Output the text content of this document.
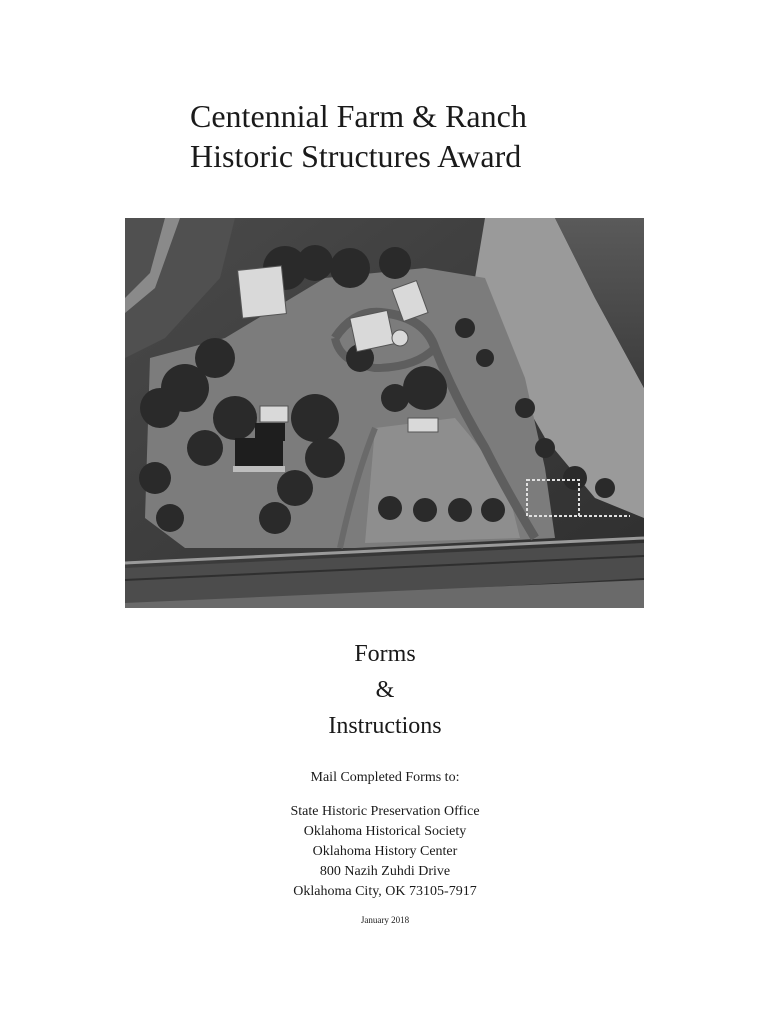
Centennial Farm & Ranch
Historic Structures Award
Forms
&
Instructions
Mail Completed Forms to:
State Historic Preservation Office
Oklahoma Historical Society
Oklahoma History Center
800 Nazih Zuhdi Drive
Oklahoma City, OK 73105-7917
January 2018
